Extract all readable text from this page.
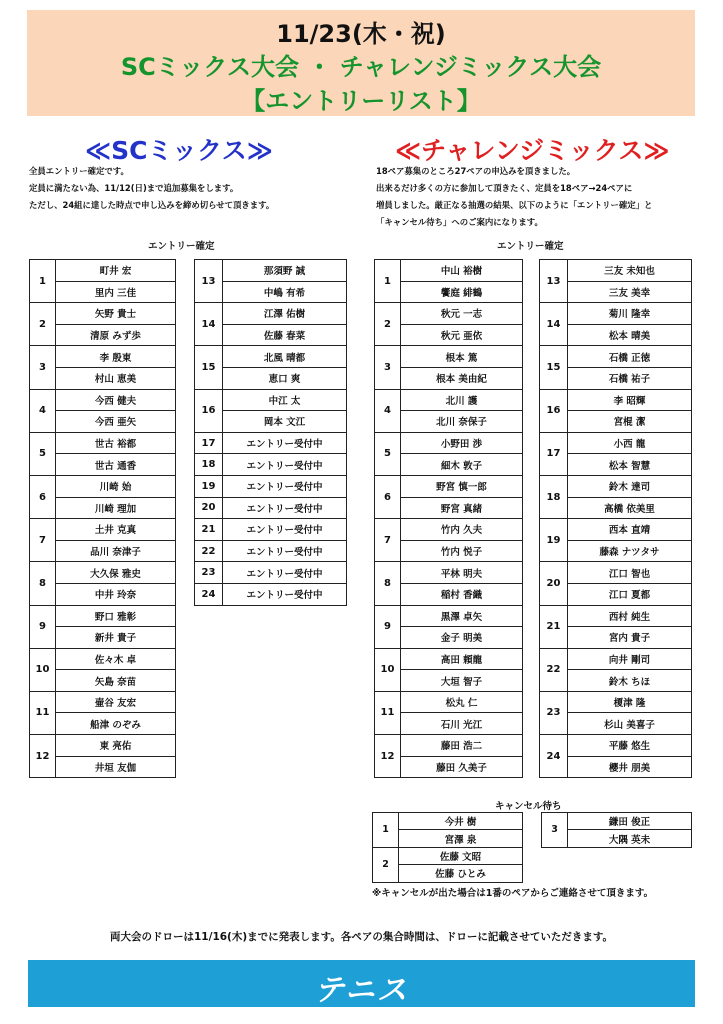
11/23(木・祝)
SCミックス大会 ・ チャレンジミックス大会
【エントリーリスト】
≪SCミックス≫	≪チャレンジミックス≫
全員エントリー確定です。
定員に満たない為、11/12(日)まで追加募集をします。
ただし、24組に達した時点で申し込みを締め切らせて頂きます。
18ペア募集のところ27ペアの申込みを頂きました。
出来るだけ多くの方に参加して頂きたく、定員を18ペア→24ペアに
増員しました。厳正なる抽選の結果、以下のように「エントリー確定」と
「キャンセル待ち」へのご案内になります。
エントリー確定	エントリー確定
1	町井 宏
	里内 三佳
2	矢野 貴士
	清原 みず歩
3	李 殷東
	村山 恵美
4	今西 健夫
	今西 亜矢
5	世古 裕都
	世古 通香
6	川崎 始
	川崎 理加
7	土井 克真
	品川 奈津子
8	大久保 雅史
	中井 玲奈
9	野口 雅彰
	新井 貴子
10	佐々木 卓
	矢島 奈苗
11	壷谷 友宏
	船津 のぞみ
12	東 亮佑
	井垣 友伽
13	那須野 誠
	中嶋 有希
14	江澤 佑樹
	佐藤 春菜
15	北風 晴都
	恵口 爽
16	中江 太
	岡本 文江
17	エントリー受付中

18	エントリー受付中

19	エントリー受付中

20	エントリー受付中

21	エントリー受付中

22	エントリー受付中

23	エントリー受付中

24	エントリー受付中

1	中山 裕樹
	饗庭 緋鶴
2	秋元 一志
	秋元 亜依
3	根本 篤
	根本 美由紀
4	北川 護
	北川 奈保子
5	小野田 渉
	細木 敦子
6	野宮 慎一郎
	野宮 真緒
7	竹内 久夫
	竹内 悦子
8	平林 明夫
	稲村 香織
9	黒澤 卓矢
	金子 明美
10	高田 頼龍
	大垣 智子
11	松丸 仁
	石川 光江
12	藤田 浩二
	藤田 久美子
13	三友 未知也
	三友 美幸
14	菊川 隆幸
	松本 晴美
15	石橋 正徳
	石橋 祐子
16	李 昭輝
	宮棍 潔
17	小西 龍
	松本 智慧
18	鈴木 達司
	高橋 依美里
19	西本 直靖
	藤森 ナツタサ
20	江口 智也
	江口 夏都
21	西村 純生
	宮内 貴子
22	向井 剛司
	鈴木 ちほ
23	榎津 隆
	杉山 美喜子
24	平藤 悠生
	櫻井 朋美
キャンセル待ち
1	今井 樹
	宮澤 泉
2	佐藤 文昭
	佐藤 ひとみ
3	鎌田 俊正
大隅 英未
※キャンセルが出た場合は1番のペアからご連絡させて頂きます。
両大会のドローは11/16(木)までに発表します。各ペアの集合時間は、ドローに記載させていただきます。
テニス
